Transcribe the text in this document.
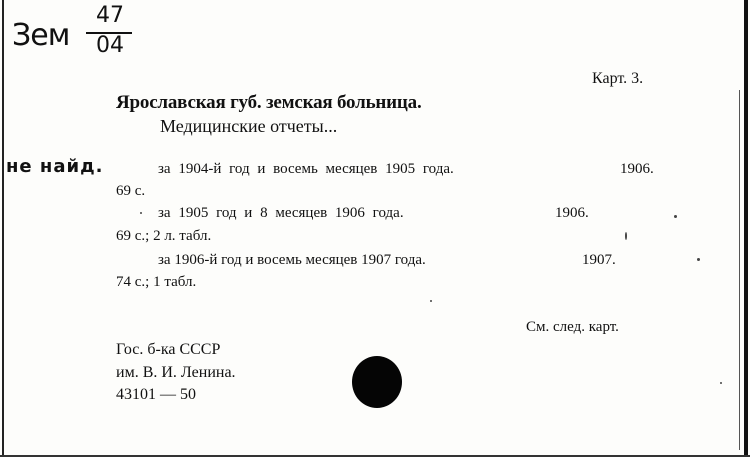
Зем
47
04
не найд.
Карт. 3.
Ярославская губ. земская больница.
Медицинские отчеты...
за 1904-й год и восемь месяцев 1905 года.	1906.
69 с.
за 1905 год и 8 месяцев 1906 года.	1906.
69 с.; 2 л. табл.
за 1906-й год и восемь месяцев 1907 года.	1907.
74 с.; 1 табл.
См. след. карт.
Гос. б-ка СССР
им. В. И. Ленина.
43101 — 50
